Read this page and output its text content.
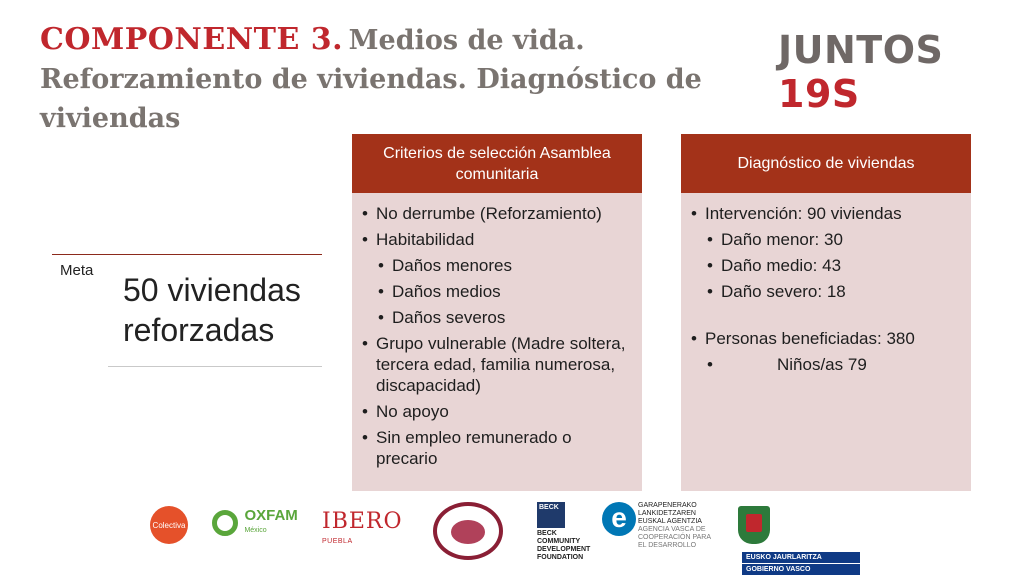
COMPONENTE 3. Medios de vida. Reforzamiento de viviendas. Diagnóstico de viviendas
JUNTOS 19S
Meta
50 viviendas reforzadas
Criterios de selección Asamblea comunitaria
• No derrumbe (Reforzamiento)
• Habitabilidad
• Daños menores
• Daños medios
• Daños severos
• Grupo vulnerable (Madre soltera, tercera edad, familia numerosa, discapacidad)
• No apoyo
• Sin empleo remunerado o precario
Diagnóstico de viviendas
• Intervención: 90 viviendas
• Daño menor: 30
• Daño medio: 43
• Daño severo: 18
• Personas beneficiadas: 380
• Niños/as 79
Colectiva
OXFAM
México	IBERO
PUEBLA
BECK
BECK COMMUNITY DEVELOPMENT FOUNDATION
e GARAPENERAKO LANKIDETZAREN EUSKAL AGENTZIA
AGENCIA VASCA DE COOPERACIÓN PARA EL DESARROLLO

EUSKO JAURLARITZA
GOBIERNO VASCO
